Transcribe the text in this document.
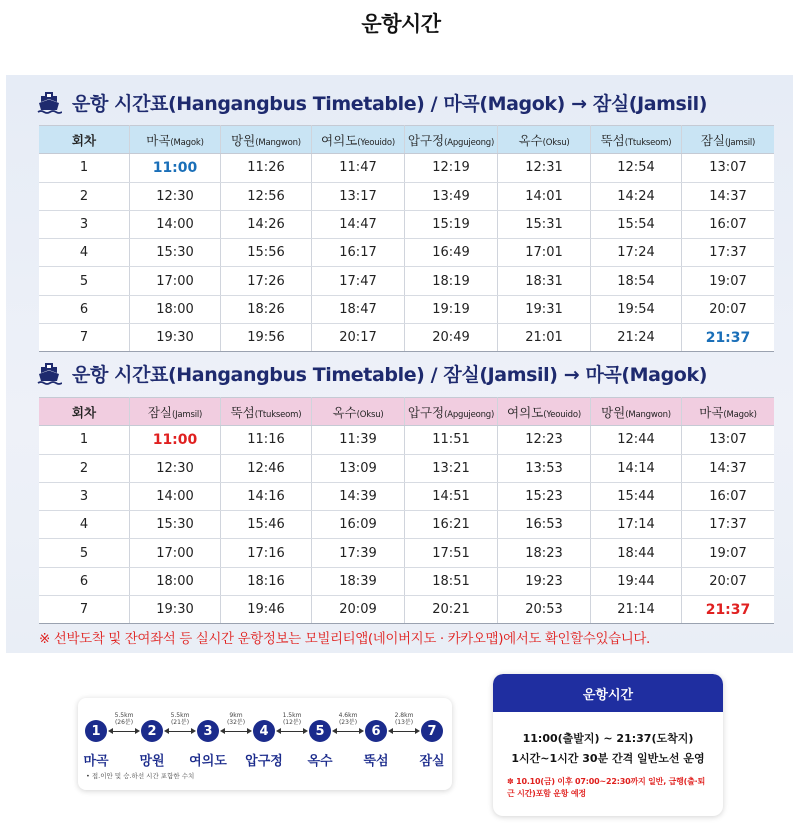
운항시간
운항 시간표(Hangangbus Timetable) / 마곡(Magok) → 잠실(Jamsil)
회차	마곡(Magok)	망원(Mangwon)	여의도(Yeouido)	압구정(Apgujeong)	옥수(Oksu)	뚝섬(Ttukseom)	잠실(Jamsil)
1	11:00	11:26	11:47	12:19	12:31	12:54	13:07
2	12:30	12:56	13:17	13:49	14:01	14:24	14:37
3	14:00	14:26	14:47	15:19	15:31	15:54	16:07
4	15:30	15:56	16:17	16:49	17:01	17:24	17:37
5	17:00	17:26	17:47	18:19	18:31	18:54	19:07
6	18:00	18:26	18:47	19:19	19:31	19:54	20:07
7	19:30	19:56	20:17	20:49	21:01	21:24	21:37
운항 시간표(Hangangbus Timetable) / 잠실(Jamsil) → 마곡(Magok)
회차	잠실(Jamsil)	뚝섬(Ttukseom)	옥수(Oksu)	압구정(Apgujeong)	여의도(Yeouido)	망원(Mangwon)	마곡(Magok)
1	11:00	11:16	11:39	11:51	12:23	12:44	13:07
2	12:30	12:46	13:09	13:21	13:53	14:14	14:37
3	14:00	14:16	14:39	14:51	15:23	15:44	16:07
4	15:30	15:46	16:09	16:21	16:53	17:14	17:37
5	17:00	17:16	17:39	17:51	18:23	18:44	19:07
6	18:00	18:16	18:39	18:51	19:23	19:44	20:07
7	19:30	19:46	20:09	20:21	20:53	21:14	21:37
※ 선박도착 및 잔여좌석 등 실시간 운항정보는 모빌리티앱(네이버지도 · 카카오맵)에서도 확인할수있습니다.
• 접.이안 및 승.하선 시간 포함한 수치
1
마곡
2
망원
3
여의도
4
압구정
5
옥수
6
뚝섬
7
잠실
5.5km
(26분)
5.5km
(21분)
9km
(32분)
1.5km
(12분)
4.6km
(23분)
2.8km
(13분)
운항시간
11:00(출발지) ~ 21:37(도착지)
1시간~1시간 30분 간격 일반노선 운영
✽ 10.10(금) 이후 07:00~22:30까지 일반, 급행(출·퇴근 시간)포함 운항 예정
